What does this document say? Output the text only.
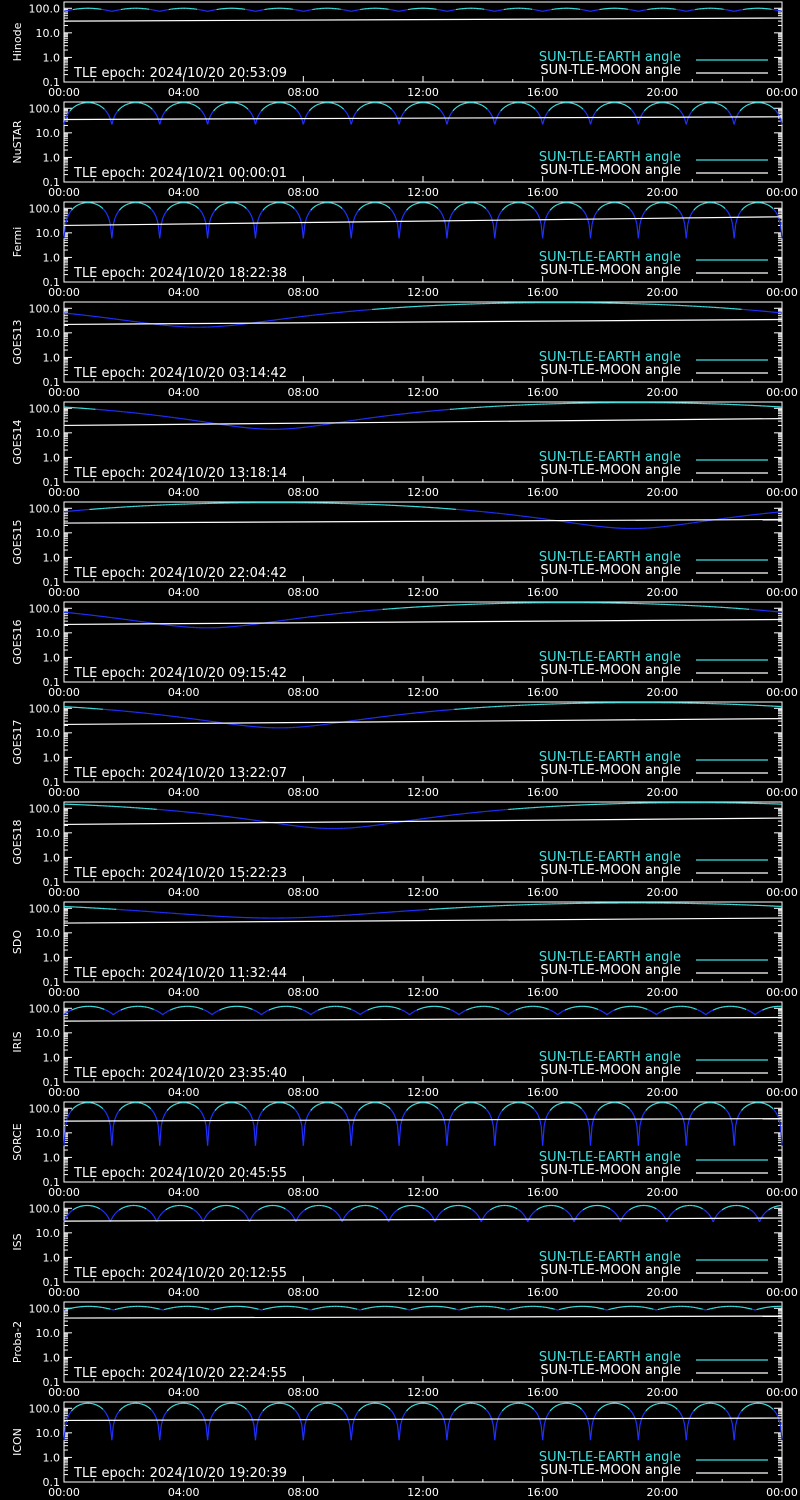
100.0
10.0
1.0
0.1
00:00	04:00	08:00	12:00	16:00	20:00	00:00
Hinode
TLE epoch: 2024/10/20 20:53:09
SUN-TLE-EARTH angle
SUN-TLE-MOON angle
100.0
10.0
1.0
0.1
00:00	04:00	08:00	12:00	16:00	20:00	00:00
NuSTAR
TLE epoch: 2024/10/21 00:00:01
SUN-TLE-EARTH angle
SUN-TLE-MOON angle
100.0
10.0
1.0
0.1
00:00	04:00	08:00	12:00	16:00	20:00	00:00
Fermi
TLE epoch: 2024/10/20 18:22:38
SUN-TLE-EARTH angle
SUN-TLE-MOON angle
100.0
10.0
1.0
0.1
00:00	04:00	08:00	12:00	16:00	20:00	00:00
GOES13
TLE epoch: 2024/10/20 03:14:42
SUN-TLE-EARTH angle
SUN-TLE-MOON angle
100.0
10.0
1.0
0.1
00:00	04:00	08:00	12:00	16:00	20:00	00:00
GOES14
TLE epoch: 2024/10/20 13:18:14
SUN-TLE-EARTH angle
SUN-TLE-MOON angle
100.0
10.0
1.0
0.1
00:00	04:00	08:00	12:00	16:00	20:00	00:00
GOES15
TLE epoch: 2024/10/20 22:04:42
SUN-TLE-EARTH angle
SUN-TLE-MOON angle
100.0
10.0
1.0
0.1
00:00	04:00	08:00	12:00	16:00	20:00	00:00
GOES16
TLE epoch: 2024/10/20 09:15:42
SUN-TLE-EARTH angle
SUN-TLE-MOON angle
100.0
10.0
1.0
0.1
00:00	04:00	08:00	12:00	16:00	20:00	00:00
GOES17
TLE epoch: 2024/10/20 13:22:07
SUN-TLE-EARTH angle
SUN-TLE-MOON angle
100.0
10.0
1.0
0.1
00:00	04:00	08:00	12:00	16:00	20:00	00:00
GOES18
TLE epoch: 2024/10/20 15:22:23
SUN-TLE-EARTH angle
SUN-TLE-MOON angle
100.0
10.0
1.0
0.1
00:00	04:00	08:00	12:00	16:00	20:00	00:00
SDO
TLE epoch: 2024/10/20 11:32:44
SUN-TLE-EARTH angle
SUN-TLE-MOON angle
100.0
10.0
1.0
0.1
00:00	04:00	08:00	12:00	16:00	20:00	00:00
IRIS
TLE epoch: 2024/10/20 23:35:40
SUN-TLE-EARTH angle
SUN-TLE-MOON angle
100.0
10.0
1.0
0.1
00:00	04:00	08:00	12:00	16:00	20:00	00:00
SORCE
TLE epoch: 2024/10/20 20:45:55
SUN-TLE-EARTH angle
SUN-TLE-MOON angle
100.0
10.0
1.0
0.1
00:00	04:00	08:00	12:00	16:00	20:00	00:00
ISS
TLE epoch: 2024/10/20 20:12:55
SUN-TLE-EARTH angle
SUN-TLE-MOON angle
100.0
10.0
1.0
0.1
00:00	04:00	08:00	12:00	16:00	20:00	00:00
Proba-2
TLE epoch: 2024/10/20 22:24:55
SUN-TLE-EARTH angle
SUN-TLE-MOON angle
100.0
10.0
1.0
0.1
00:00	04:00	08:00	12:00	16:00	20:00	00:00
ICON
TLE epoch: 2024/10/20 19:20:39
SUN-TLE-EARTH angle
SUN-TLE-MOON angle
